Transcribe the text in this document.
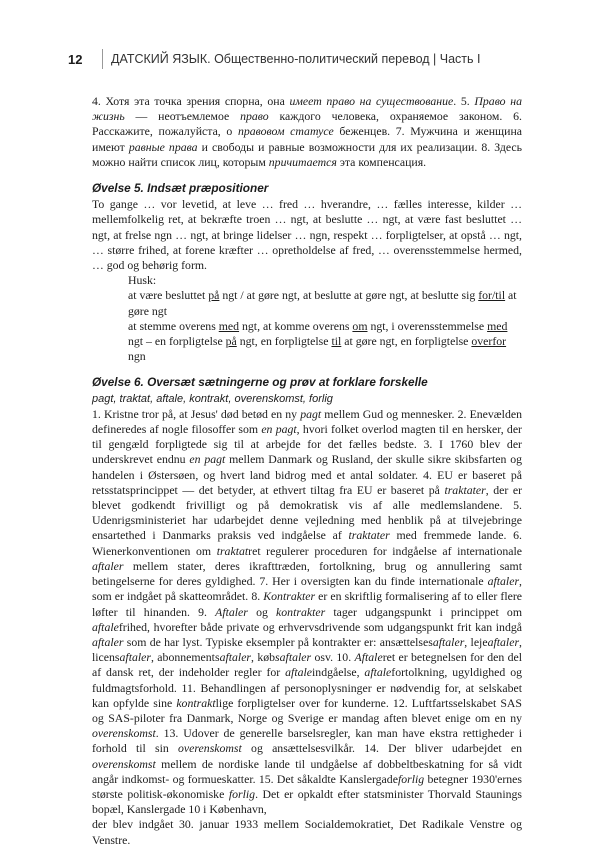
12	ДАТСКИЙ ЯЗЫК. Общественно-политический перевод | Часть I

4. Хотя эта точка зрения спорна, она имеет право на существование. 5. Право на жизнь — неотъемлемое право каждого человека, охраняемое законом. 6. Расскажите, пожалуйста, о правовом статусе беженцев. 7. Мужчина и женщина имеют равные права и свободы и равные возможности для их реализации. 8. Здесь можно найти список лиц, которым причитается эта компенсация.

Øvelse 5. Indsæt præpositioner

To gange … vor levetid, at leve … fred … hverandre, … fælles interesse, kilder … mellemfolkelig ret, at bekræfte troen … ngt, at beslutte … ngt, at være fast besluttet … ngt, at frelse ngn … ngt, at bringe lidelser … ngn, respekt … forpligtelser, at opstå … ngt, … større frihed, at forene kræfter … opretholdelse af fred, … overensstemmelse hermed, … god og behørig form.

Husk:

at være besluttet på ngt / at gøre ngt, at beslutte at gøre ngt, at beslutte sig for/til at gøre ngt

at stemme overens med ngt, at komme overens om ngt, i overensstemmelse med ngt – en forpligtelse på ngt, en forpligtelse til at gøre ngt, en forpligtelse overfor ngn

Øvelse 6. Oversæt sætningerne og prøv at forklare forskelle

pagt, traktat, aftale, kontrakt, overenskomst, forlig

1. Kristne tror på, at Jesus' død betød en ny pagt mellem Gud og mennesker. 2. Enevælden defineredes af nogle filosoffer som en pagt, hvori folket overlod magten til en hersker, der til gengæld forpligtede sig til at arbejde for det fælles bedste. 3. I 1760 blev der underskrevet endnu en pagt mellem Danmark og Rusland, der skulle sikre skibsfarten og handelen i Østersøen, og hvert land bidrog med et antal soldater. 4. EU er baseret på retsstatsprincippet — det betyder, at ethvert tiltag fra EU er baseret på traktater, der er blevet godkendt frivilligt og på demokratisk vis af alle medlemslandene. 5. Udenrigsministeriet har udarbejdet denne vejledning med henblik på at tilvejebringe ensartethed i Danmarks praksis ved indgåelse af traktater med fremmede lande. 6. Wienerkonventionen om traktatret regulerer proceduren for indgåelse af internationale aftaler mellem stater, deres ikrafttræden, fortolkning, brug og annullering samt betingelserne for deres gyldighed. 7. Her i oversigten kan du finde internationale aftaler, som er indgået på skatteområdet. 8. Kontrakter er en skriftlig formalisering af to eller flere løfter til hinanden. 9. Aftaler og kontrakter tager udgangspunkt i princippet om aftalefrihed, hvorefter både private og erhvervsdrivende som udgangspunkt frit kan indgå aftaler som de har lyst. Typiske eksempler på kontrakter er: ansættelsesaftaler, lejeaftaler, licensaftaler, abonnementsaftaler, købsaftaler osv. 10. Aftaleret er betegnelsen for den del af dansk ret, der indeholder regler for aftaleindgåelse, aftalefortolkning, ugyldighed og fuldmagtsforhold. 11. Behandlingen af personoplysninger er nødvendig for, at selskabet kan opfylde sine kontraktlige forpligtelser over for kunderne. 12. Luftfartsselskabet SAS og SAS-piloter fra Danmark, Norge og Sverige er mandag aften blevet enige om en ny overenskomst. 13. Udover de generelle barselsregler, kan man have ekstra rettigheder i forhold til sin overenskomst og ansættelsesvilkår. 14. Der bliver udarbejdet en overenskomst mellem de nordiske lande til undgåelse af dobbeltbeskatning for så vidt angår indkomst- og formueskatter. 15. Det såkaldte Kanslergadeforlig betegner 1930'ernes største politisk-økonomiske forlig. Det er opkaldt efter statsminister Thorvald Staunings bopæl, Kanslergade 10 i København,

der blev indgået 30. januar 1933 mellem Socialdemokratiet, Det Radikale Venstre og Venstre.
